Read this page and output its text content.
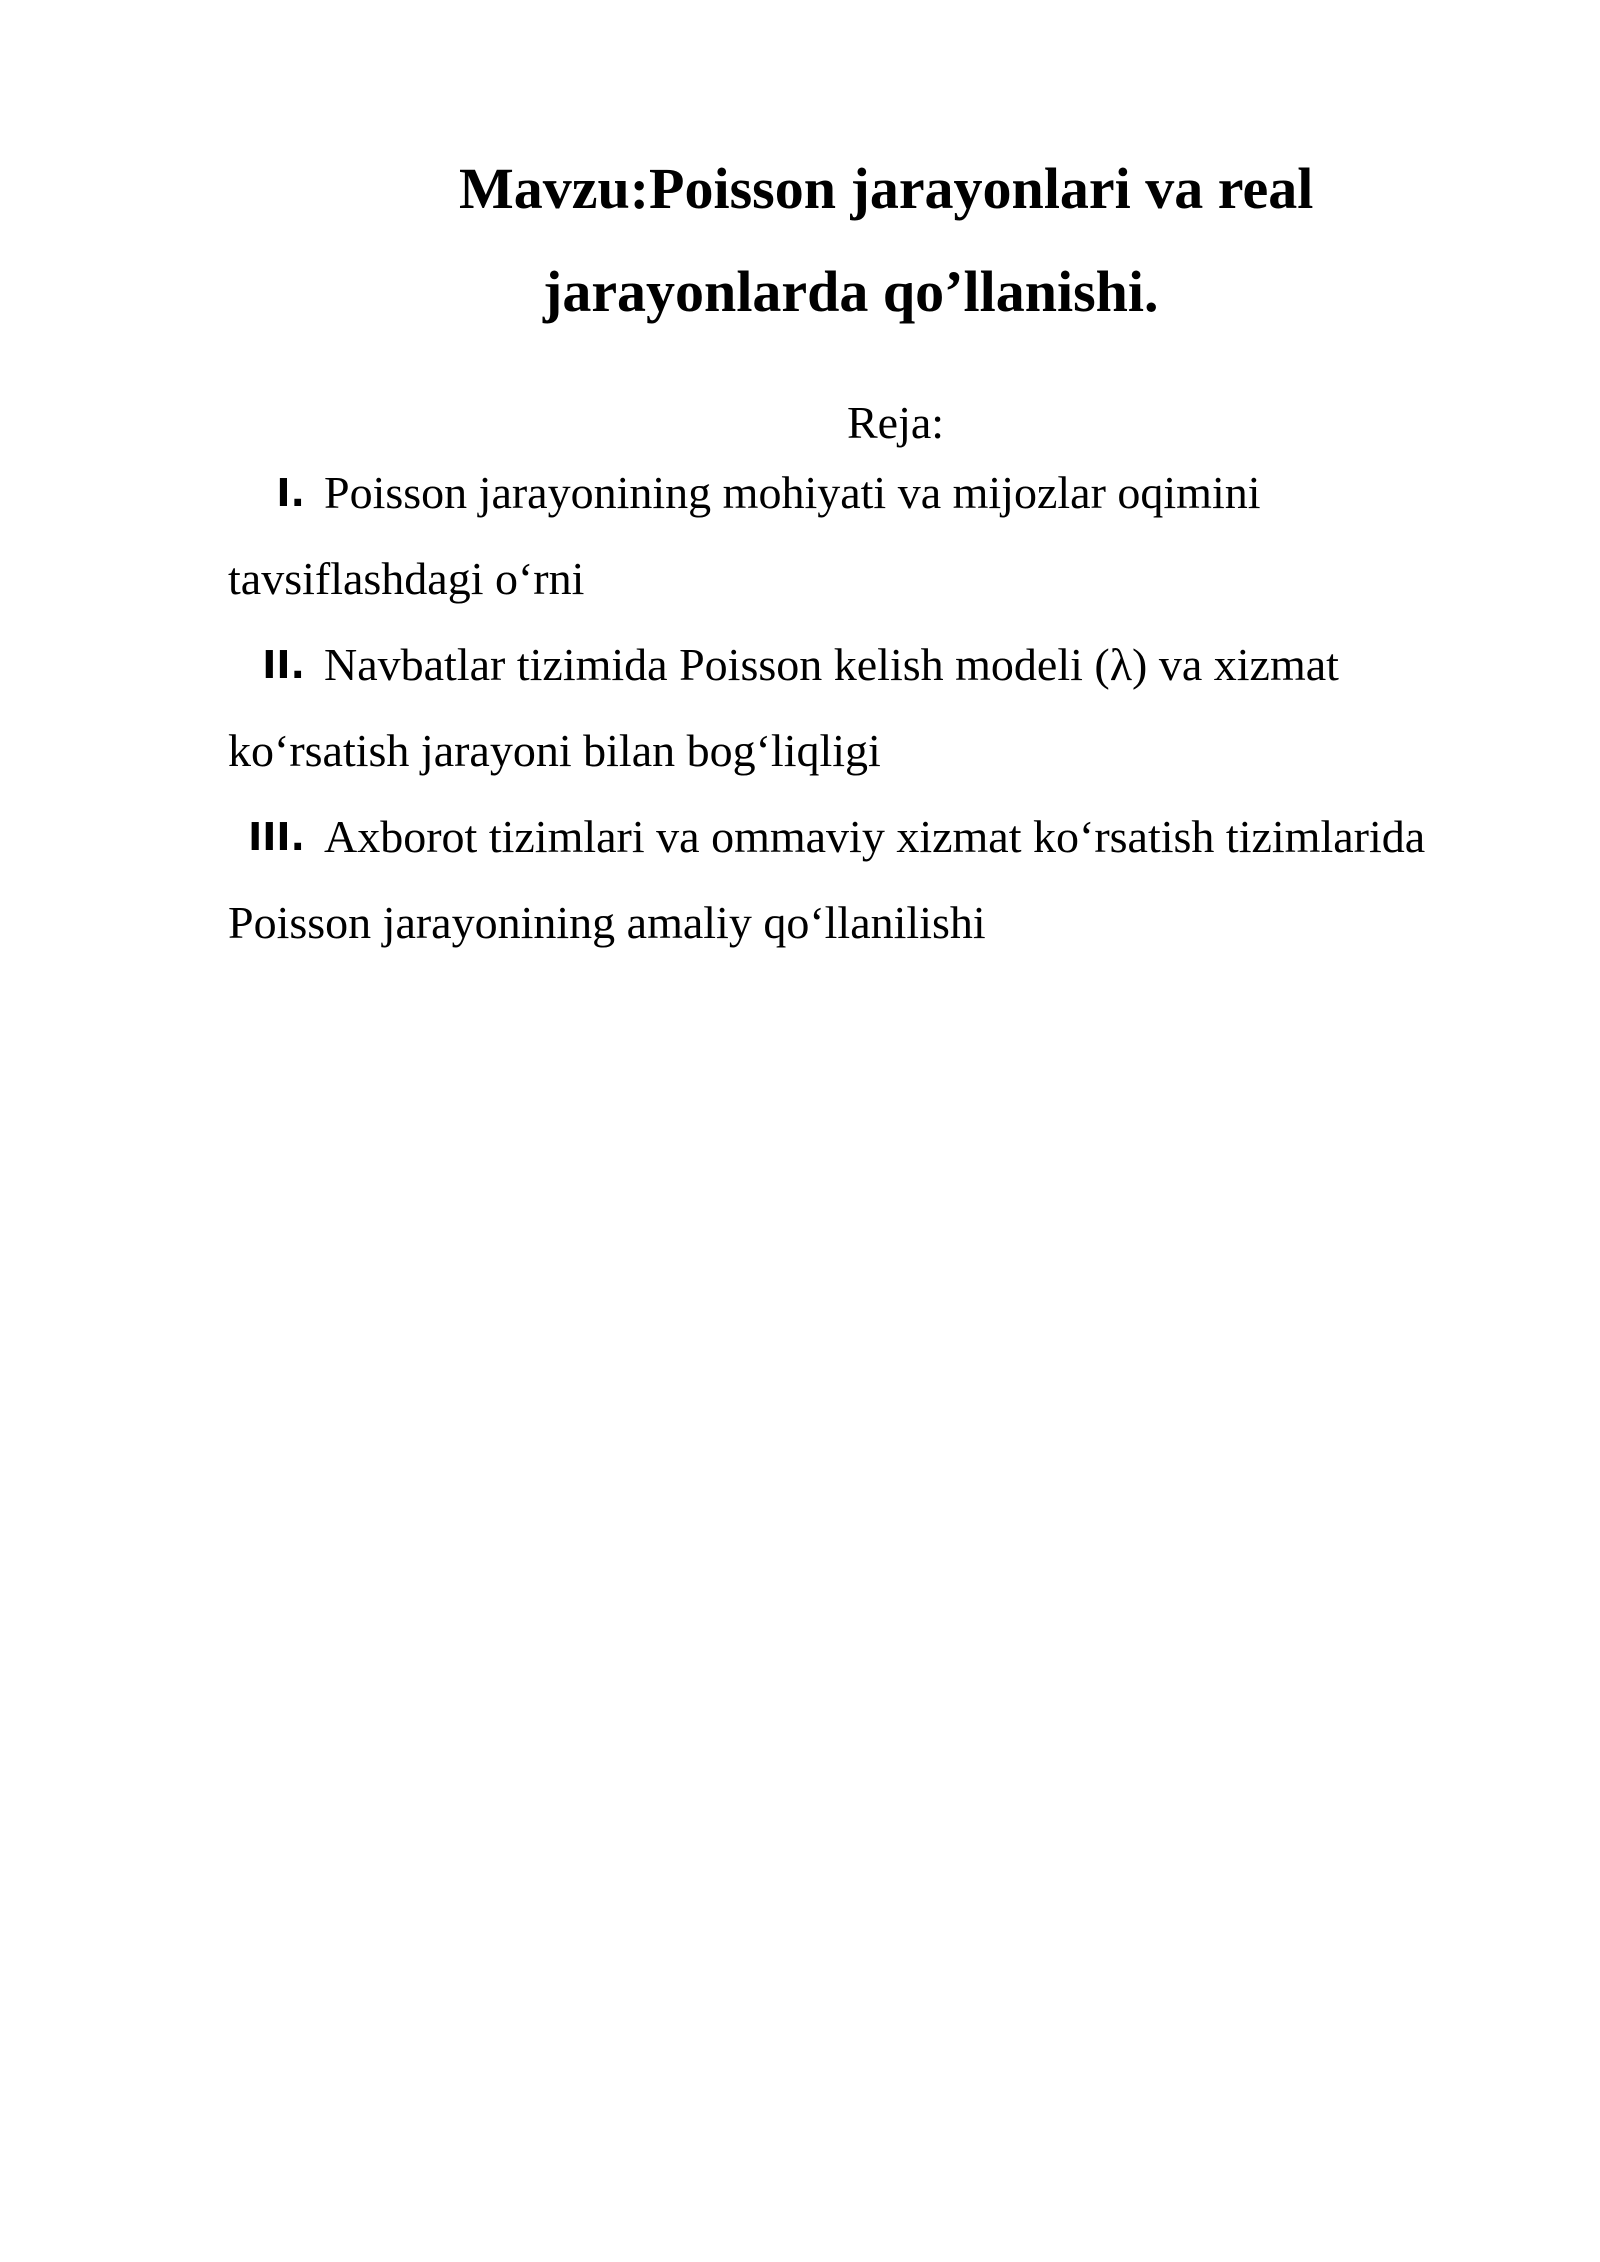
Mavzu:Poisson jarayonlari va real
jarayonlarda qo’llanishi.
Reja:
I. Poisson jarayonining mohiyati va mijozlar oqimini
tavsiflashdagi o‘rni
II. Navbatlar tizimida Poisson kelish modeli (λ) va xizmat
ko‘rsatish jarayoni bilan bog‘liqligi
III. Axborot tizimlari va ommaviy xizmat ko‘rsatish tizimlarida
Poisson jarayonining amaliy qo‘llanilishi
